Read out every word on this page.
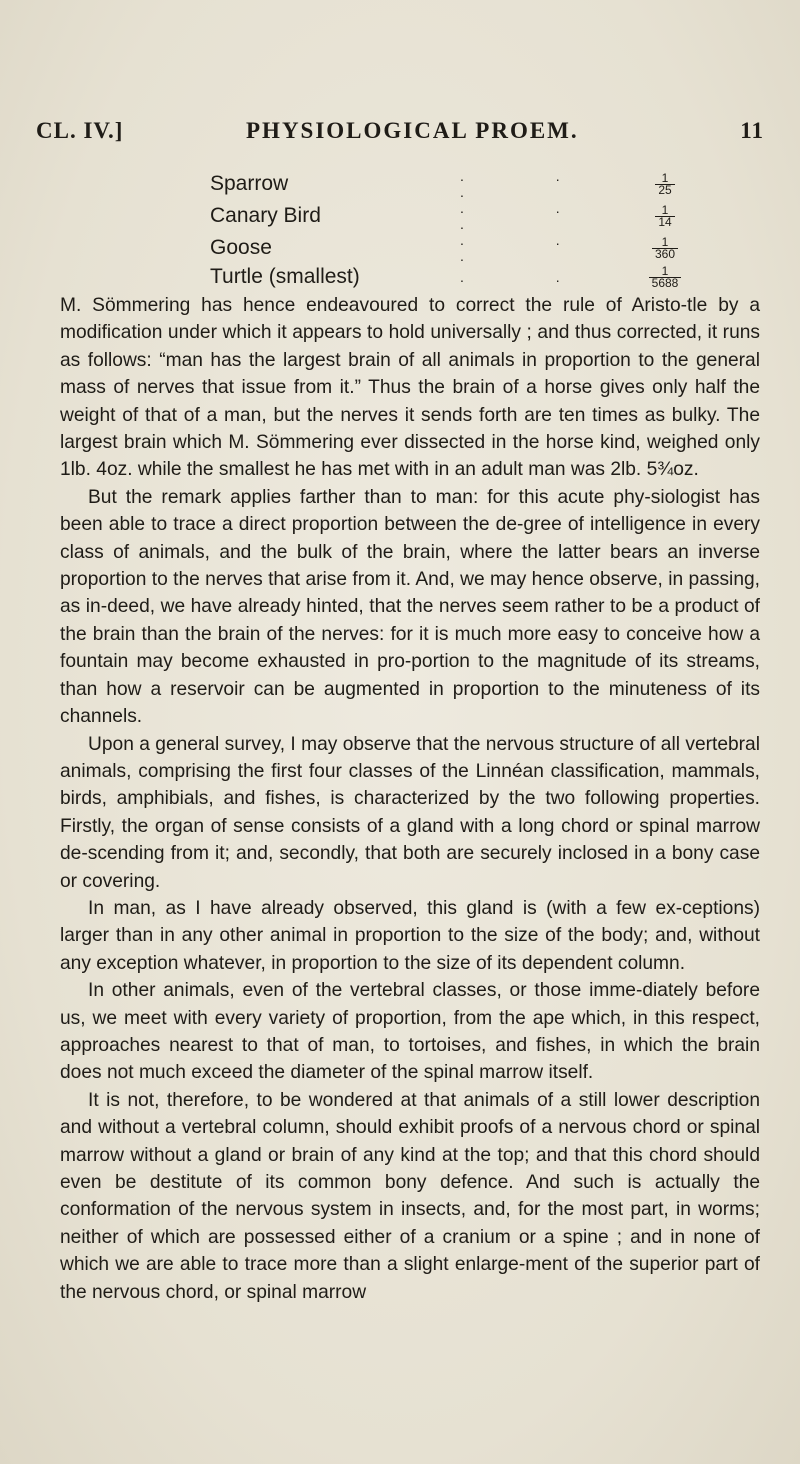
CL. IV.]	PHYSIOLOGICAL PROEM.	11
Sparrow	. . .	$\frac{1}{25}$

Canary Bird	. . .	$\frac{1}{14}$

Goose	. . .	$\frac{1}{360}$

Turtle (smallest)	. .	$\frac{1}{5688}$

M. Sömmering has hence endeavoured to correct the rule of Aristo-tle by a modification under which it appears to hold universally ; and thus corrected, it runs as follows: “man has the largest brain of all animals in proportion to the general mass of nerves that issue from it.” Thus the brain of a horse gives only half the weight of that of a man, but the nerves it sends forth are ten times as bulky. The largest brain which M. Sömmering ever dissected in the horse kind, weighed only 1lb. 4oz. while the smallest he has met with in an adult man was 2lb. 5¾oz.

But the remark applies farther than to man: for this acute phy-siologist has been able to trace a direct proportion between the de-gree of intelligence in every class of animals, and the bulk of the brain, where the latter bears an inverse proportion to the nerves that arise from it. And, we may hence observe, in passing, as in-deed, we have already hinted, that the nerves seem rather to be a product of the brain than the brain of the nerves: for it is much more easy to conceive how a fountain may become exhausted in pro-portion to the magnitude of its streams, than how a reservoir can be augmented in proportion to the minuteness of its channels.

Upon a general survey, I may observe that the nervous structure of all vertebral animals, comprising the first four classes of the Linnéan classification, mammals, birds, amphibials, and fishes, is characterized by the two following properties. Firstly, the organ of sense consists of a gland with a long chord or spinal marrow de-scending from it; and, secondly, that both are securely inclosed in a bony case or covering.

In man, as I have already observed, this gland is (with a few ex-ceptions) larger than in any other animal in proportion to the size of the body; and, without any exception whatever, in proportion to the size of its dependent column.

In other animals, even of the vertebral classes, or those imme-diately before us, we meet with every variety of proportion, from the ape which, in this respect, approaches nearest to that of man, to tortoises, and fishes, in which the brain does not much exceed the diameter of the spinal marrow itself.

It is not, therefore, to be wondered at that animals of a still lower description and without a vertebral column, should exhibit proofs of a nervous chord or spinal marrow without a gland or brain of any kind at the top; and that this chord should even be destitute of its common bony defence. And such is actually the conformation of the nervous system in insects, and, for the most part, in worms; neither of which are possessed either of a cranium or a spine ; and in none of which we are able to trace more than a slight enlarge-ment of the superior part of the nervous chord, or spinal marrow
